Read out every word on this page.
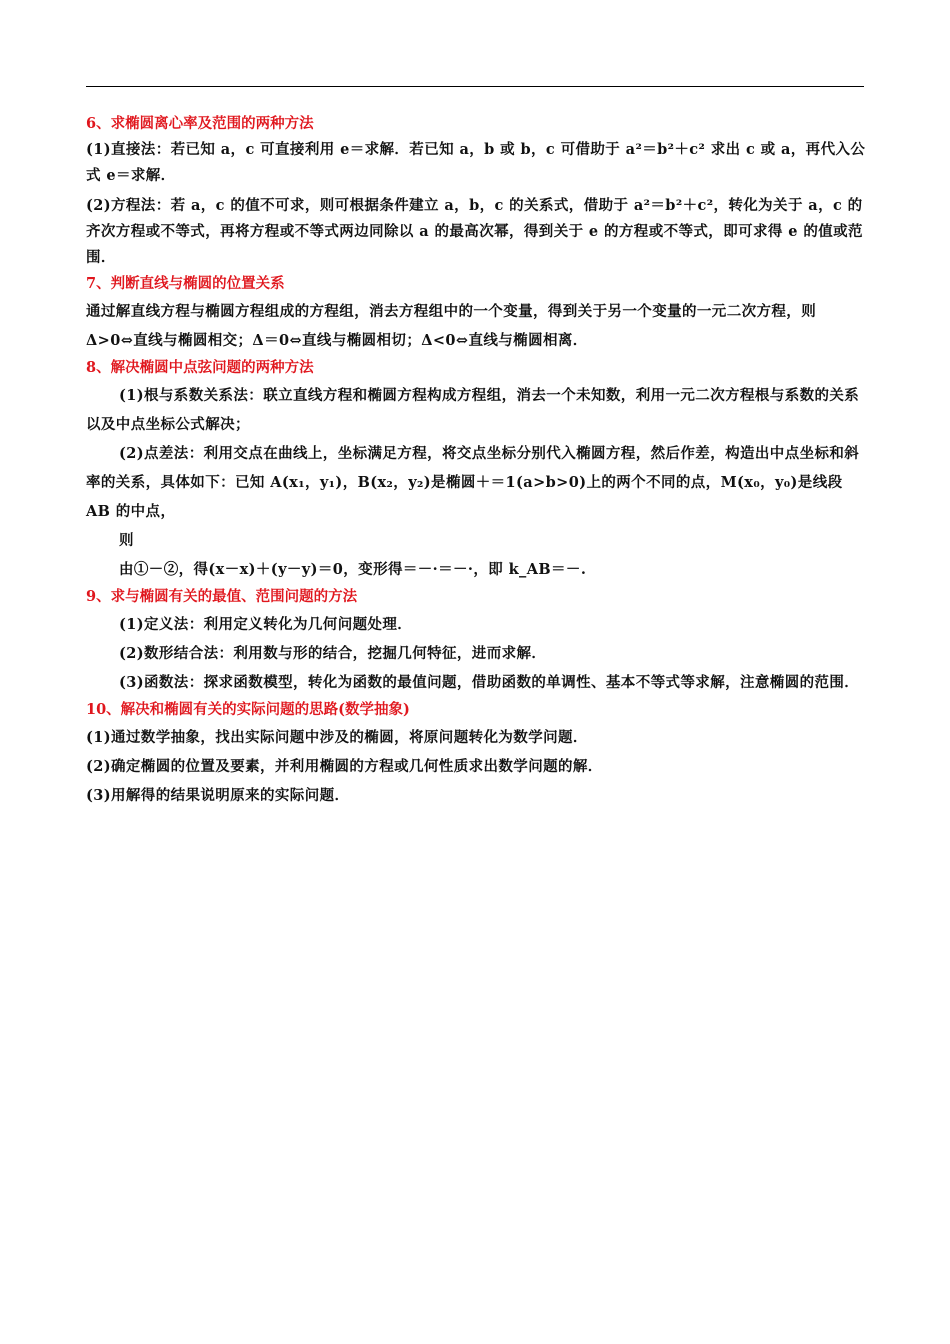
6、求椭圆离心率及范围的两种方法

(1)直接法：若已知 a，c 可直接利用 e＝求解．若已知 a，b 或 b，c 可借助于 a²＝b²＋c² 求出 c 或 a，再代入公式 e＝求解．

(2)方程法：若 a，c 的值不可求，则可根据条件建立 a，b，c 的关系式，借助于 a²＝b²＋c²，转化为关于 a，c 的齐次方程或不等式，再将方程或不等式两边同除以 a 的最高次幂，得到关于 e 的方程或不等式，即可求得 e 的值或范围．

7、判断直线与椭圆的位置关系

通过解直线方程与椭圆方程组成的方程组，消去方程组中的一个变量，得到关于另一个变量的一元二次方程，则 Δ>0⇔直线与椭圆相交；Δ＝0⇔直线与椭圆相切；Δ<0⇔直线与椭圆相离．

8、解决椭圆中点弦问题的两种方法

(1)根与系数关系法：联立直线方程和椭圆方程构成方程组，消去一个未知数，利用一元二次方程根与系数的关系以及中点坐标公式解决；

(2)点差法：利用交点在曲线上，坐标满足方程，将交点坐标分别代入椭圆方程，然后作差，构造出中点坐标和斜率的关系，具体如下：已知 A(x₁，y₁)，B(x₂，y₂)是椭圆＋＝1(a>b>0)上的两个不同的点，M(x₀，y₀)是线段 AB 的中点，

则

由①－②，得(x－x)＋(y－y)＝0，变形得＝－·＝－·，即 k_AB＝－.

9、求与椭圆有关的最值、范围问题的方法

(1)定义法：利用定义转化为几何问题处理．

(2)数形结合法：利用数与形的结合，挖掘几何特征，进而求解．

(3)函数法：探求函数模型，转化为函数的最值问题，借助函数的单调性、基本不等式等求解，注意椭圆的范围．

10、解决和椭圆有关的实际问题的思路(数学抽象)

(1)通过数学抽象，找出实际问题中涉及的椭圆，将原问题转化为数学问题．

(2)确定椭圆的位置及要素，并利用椭圆的方程或几何性质求出数学问题的解．

(3)用解得的结果说明原来的实际问题．
